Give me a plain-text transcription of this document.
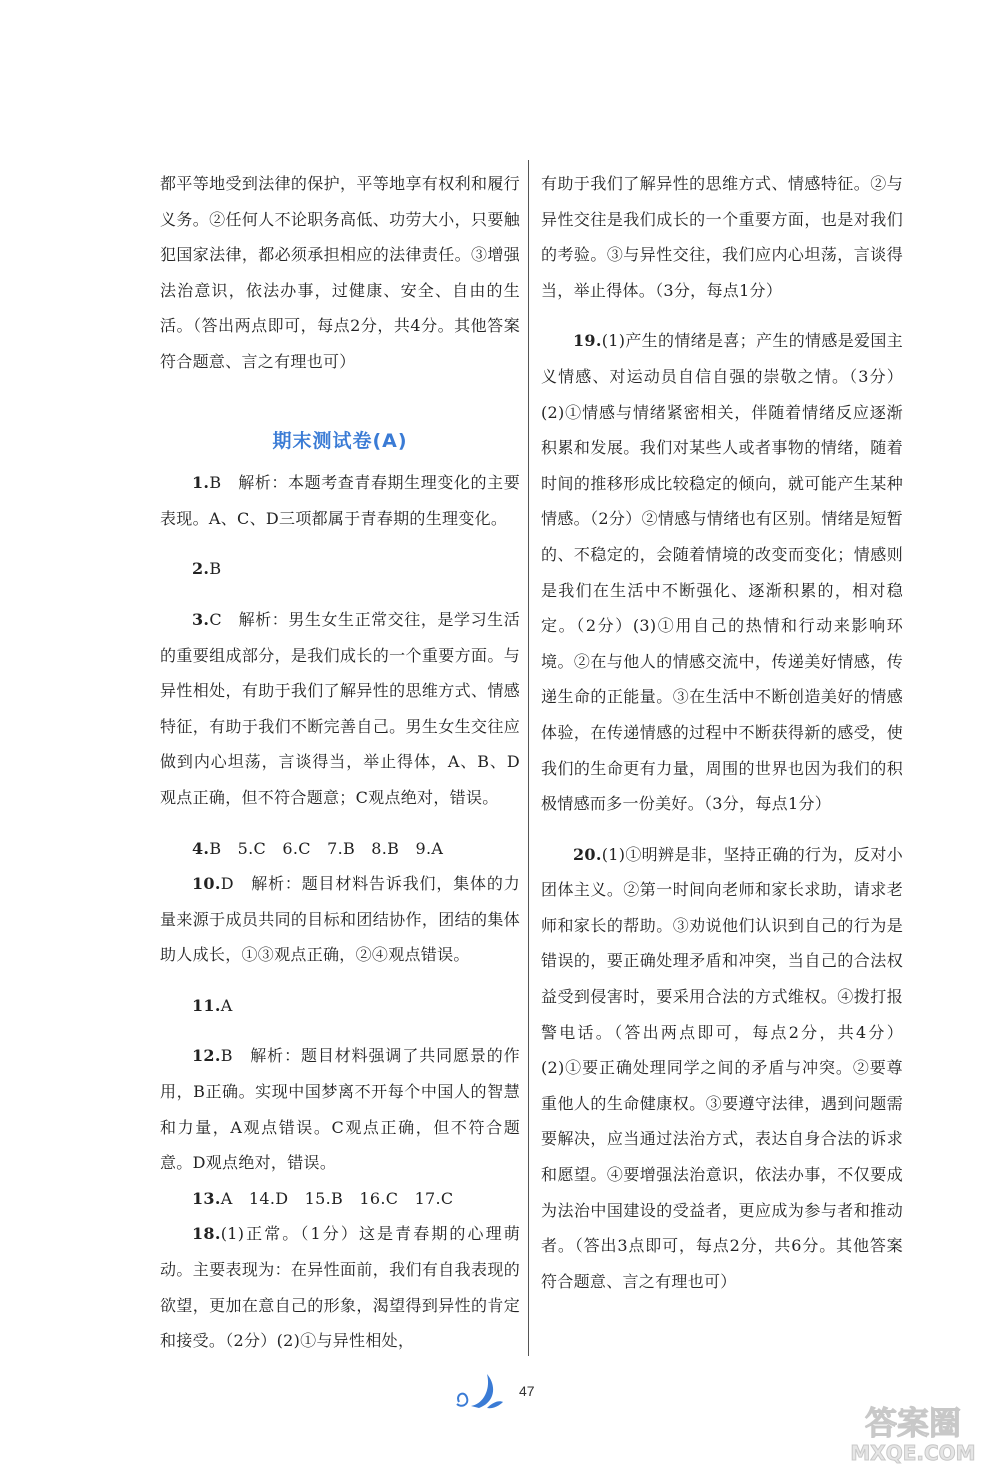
都平等地受到法律的保护，平等地享有权利和履行义务。②任何人不论职务高低、功劳大小，只要触犯国家法律，都必须承担相应的法律责任。③增强法治意识，依法办事，过健康、安全、自由的生活。（答出两点即可，每点2分，共4分。其他答案符合题意、言之有理也可）

期末测试卷(A)

1.B　解析：本题考查青春期生理变化的主要表现。A、C、D三项都属于青春期的生理变化。

2.B

3.C　解析：男生女生正常交往，是学习生活的重要组成部分，是我们成长的一个重要方面。与异性相处，有助于我们了解异性的思维方式、情感特征，有助于我们不断完善自己。男生女生交往应做到内心坦荡，言谈得当，举止得体，A、B、D观点正确，但不符合题意；C观点绝对，错误。

4.B　5.C　6.C　7.B　8.B　9.A

10.D　解析：题目材料告诉我们，集体的力量来源于成员共同的目标和团结协作，团结的集体助人成长，①③观点正确，②④观点错误。

11.A

12.B　解析：题目材料强调了共同愿景的作用，B正确。实现中国梦离不开每个中国人的智慧和力量，A观点错误。C观点正确，但不符合题意。D观点绝对，错误。

13.A　14.D　15.B　16.C　17.C

18.(1)正常。（1分）这是青春期的心理萌动。主要表现为：在异性面前，我们有自我表现的欲望，更加在意自己的形象，渴望得到异性的肯定和接受。（2分）(2)①与异性相处，

有助于我们了解异性的思维方式、情感特征。②与异性交往是我们成长的一个重要方面，也是对我们的考验。③与异性交往，我们应内心坦荡，言谈得当，举止得体。（3分，每点1分）

19.(1)产生的情绪是喜；产生的情感是爱国主义情感、对运动员自信自强的崇敬之情。（3分）(2)①情感与情绪紧密相关，伴随着情绪反应逐渐积累和发展。我们对某些人或者事物的情绪，随着时间的推移形成比较稳定的倾向，就可能产生某种情感。（2分）②情感与情绪也有区别。情绪是短暂的、不稳定的，会随着情境的改变而变化；情感则是我们在生活中不断强化、逐渐积累的，相对稳定。（2分）(3)①用自己的热情和行动来影响环境。②在与他人的情感交流中，传递美好情感，传递生命的正能量。③在生活中不断创造美好的情感体验，在传递情感的过程中不断获得新的感受，使我们的生命更有力量，周围的世界也因为我们的积极情感而多一份美好。（3分，每点1分）

20.(1)①明辨是非，坚持正确的行为，反对小团体主义。②第一时间向老师和家长求助，请求老师和家长的帮助。③劝说他们认识到自己的行为是错误的，要正确处理矛盾和冲突，当自己的合法权益受到侵害时，要采用合法的方式维权。④拨打报警电话。（答出两点即可，每点2分，共4分）(2)①要正确处理同学之间的矛盾与冲突。②要尊重他人的生命健康权。③要遵守法律，遇到问题需要解决，应当通过法治方式，表达自身合法的诉求和愿望。④要增强法治意识，依法办事，不仅要成为法治中国建设的受益者，更应成为参与者和推动者。（答出3点即可，每点2分，共6分。其他答案符合题意、言之有理也可）

47
答案圈
MXQE.COM
